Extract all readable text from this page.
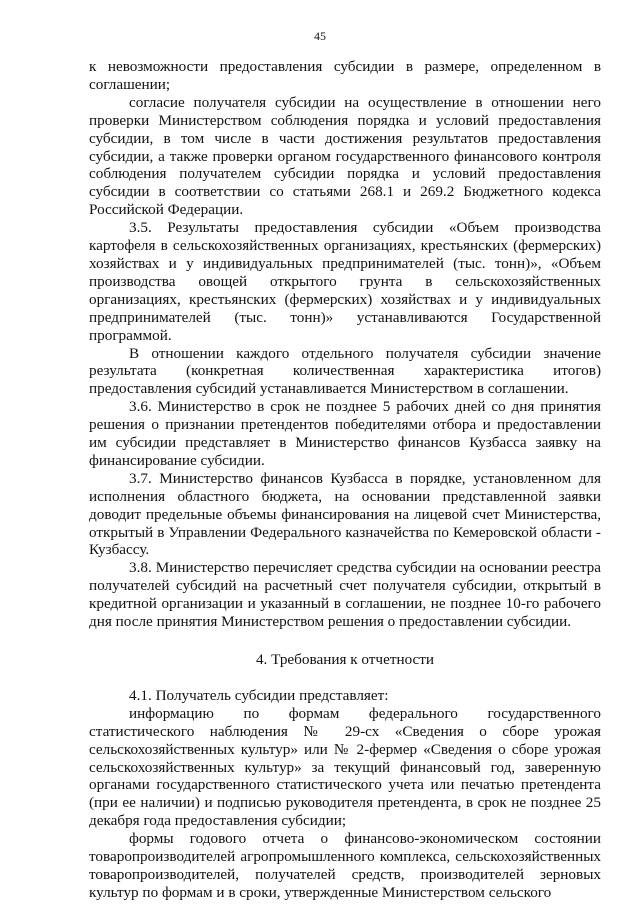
45

к невозможности предоставления субсидии в размере, определенном в соглашении;

согласие получателя субсидии на осуществление в отношении него проверки Министерством соблюдения порядка и условий предоставления субсидии, в том числе в части достижения результатов предоставления субсидии, а также проверки органом государственного финансового контроля соблюдения получателем субсидии порядка и условий предоставления субсидии в соответствии со статьями 268.1 и 269.2 Бюджетного кодекса Российской Федерации.

3.5. Результаты предоставления субсидии «Объем производства картофеля в сельскохозяйственных организациях, крестьянских (фермерских) хозяйствах и у индивидуальных предпринимателей (тыс. тонн)», «Объем производства овощей открытого грунта в сельскохозяйственных организациях, крестьянских (фермерских) хозяйствах и у индивидуальных предпринимателей (тыс. тонн)» устанавливаются Государственной программой.

В отношении каждого отдельного получателя субсидии значение результата (конкретная количественная характеристика итогов) предоставления субсидий устанавливается Министерством в соглашении.

3.6. Министерство в срок не позднее 5 рабочих дней со дня принятия решения о признании претендентов победителями отбора и предоставлении им субсидии представляет в Министерство финансов Кузбасса заявку на финансирование субсидии.

3.7. Министерство финансов Кузбасса в порядке, установленном для исполнения областного бюджета, на основании представленной заявки доводит предельные объемы финансирования на лицевой счет Министерства, открытый в Управлении Федерального казначейства по Кемеровской области - Кузбассу.

3.8. Министерство перечисляет средства субсидии на основании реестра получателей субсидий на расчетный счет получателя субсидии, открытый в кредитной организации и указанный в соглашении, не позднее 10-го рабочего дня после принятия Министерством решения о предоставлении субсидии.

4. Требования к отчетности

4.1. Получатель субсидии представляет:

информацию по формам федерального государственного статистического наблюдения № 29-сх «Сведения о сборе урожая сельскохозяйственных культур» или № 2-фермер «Сведения о сборе урожая сельскохозяйственных культур» за текущий финансовый год, заверенную органами государственного статистического учета или печатью претендента (при ее наличии) и подписью руководителя претендента, в срок не позднее 25 декабря года предоставления субсидии;

формы годового отчета о финансово-экономическом состоянии товаропроизводителей агропромышленного комплекса, сельскохозяйственных товаропроизводителей, получателей средств, производителей зерновых культур по формам и в сроки, утвержденные Министерством сельского
